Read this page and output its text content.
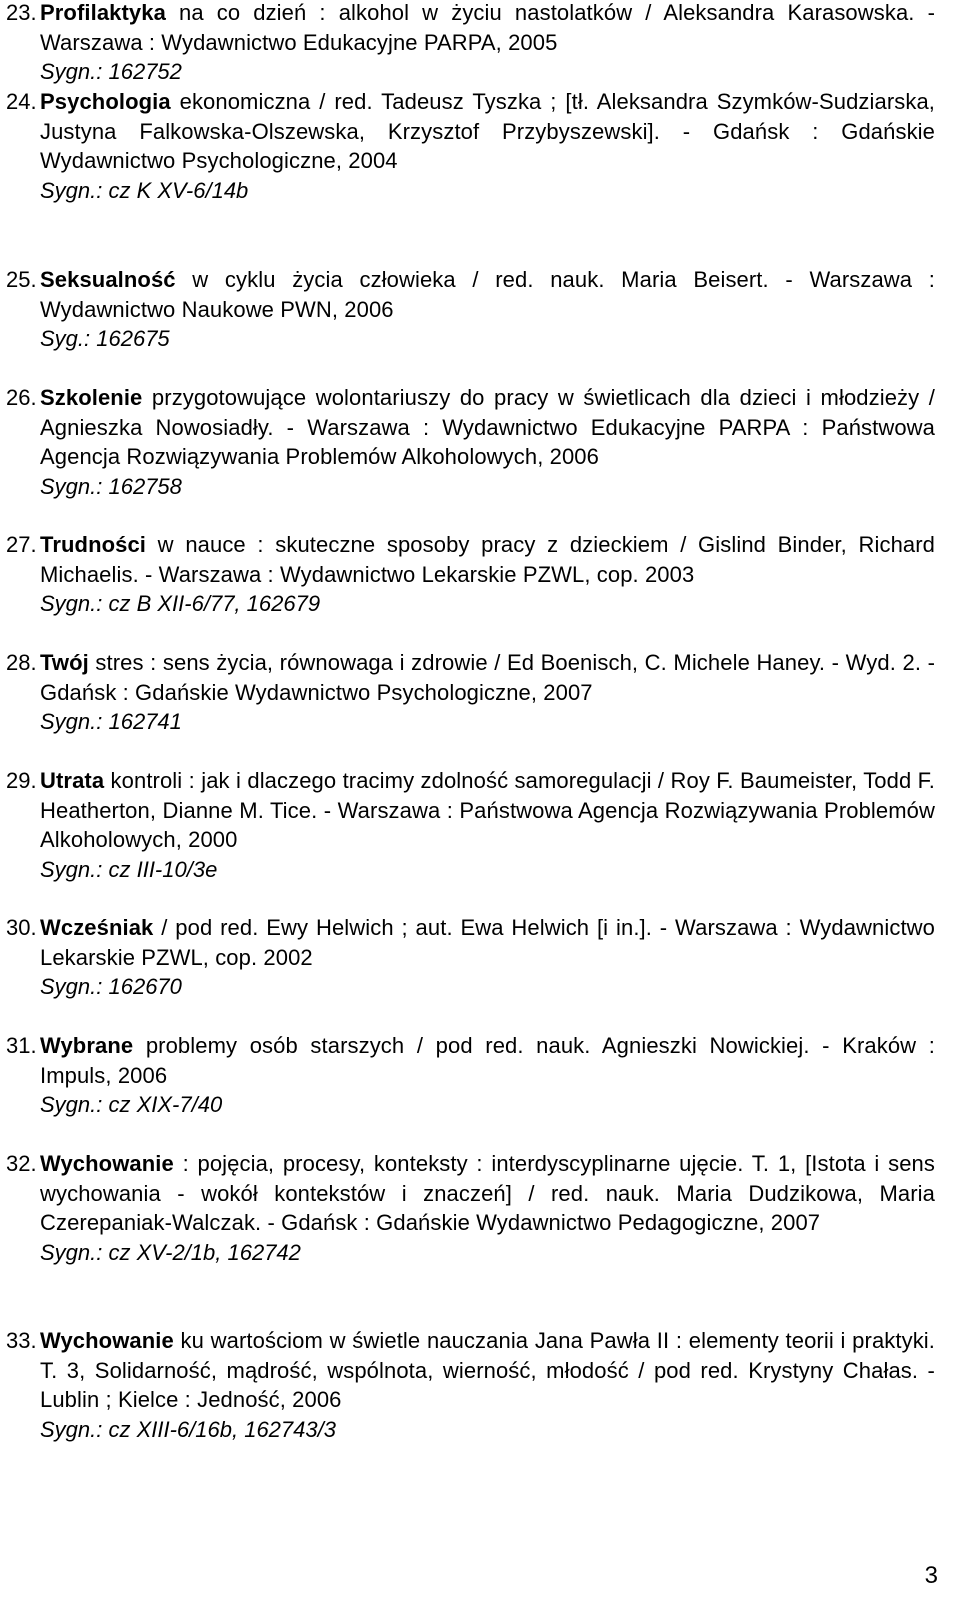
23. Profilaktyka na co dzień : alkohol w życiu nastolatków / Aleksandra Karasowska. - Warszawa : Wydawnictwo Edukacyjne PARPA, 2005
Sygn.: 162752
24. Psychologia ekonomiczna / red. Tadeusz Tyszka ; [tł. Aleksandra Szymków-Sudziarska, Justyna Falkowska-Olszewska, Krzysztof Przybyszewski]. - Gdańsk : Gdańskie Wydawnictwo Psychologiczne, 2004
Sygn.: cz K XV-6/14b
25. Seksualność w cyklu życia człowieka / red. nauk. Maria Beisert. - Warszawa : Wydawnictwo Naukowe PWN, 2006
Syg.: 162675
26. Szkolenie przygotowujące wolontariuszy do pracy w świetlicach dla dzieci i młodzieży / Agnieszka Nowosiadły. - Warszawa : Wydawnictwo Edukacyjne PARPA : Państwowa Agencja Rozwiązywania Problemów Alkoholowych, 2006
Sygn.: 162758
27. Trudności w nauce : skuteczne sposoby pracy z dzieckiem / Gislind Binder, Richard Michaelis. - Warszawa : Wydawnictwo Lekarskie PZWL, cop. 2003
Sygn.: cz B XII-6/77, 162679
28. Twój stres : sens życia, równowaga i zdrowie / Ed Boenisch, C. Michele Haney. - Wyd. 2. - Gdańsk : Gdańskie Wydawnictwo Psychologiczne, 2007
Sygn.: 162741
29. Utrata kontroli : jak i dlaczego tracimy zdolność samoregulacji / Roy F. Baumeister, Todd F. Heatherton, Dianne M. Tice. - Warszawa : Państwowa Agencja Rozwiązywania Problemów Alkoholowych, 2000
Sygn.: cz III-10/3e
30. Wcześniak / pod red. Ewy Helwich ; aut. Ewa Helwich [i in.]. - Warszawa : Wydawnictwo Lekarskie PZWL, cop. 2002
Sygn.: 162670
31. Wybrane problemy osób starszych / pod red. nauk. Agnieszki Nowickiej. - Kraków : Impuls, 2006
Sygn.: cz XIX-7/40
32. Wychowanie : pojęcia, procesy, konteksty : interdyscyplinarne ujęcie. T. 1, [Istota i sens wychowania - wokół kontekstów i znaczeń] / red. nauk. Maria Dudzikowa, Maria Czerepaniak-Walczak. - Gdańsk : Gdańskie Wydawnictwo Pedagogiczne, 2007
Sygn.: cz XV-2/1b, 162742
33. Wychowanie ku wartościom w świetle nauczania Jana Pawła II : elementy teorii i praktyki. T. 3, Solidarność, mądrość, wspólnota, wierność, młodość / pod red. Krystyny Chałas. - Lublin ; Kielce : Jedność, 2006
Sygn.: cz XIII-6/16b, 162743/3
3
